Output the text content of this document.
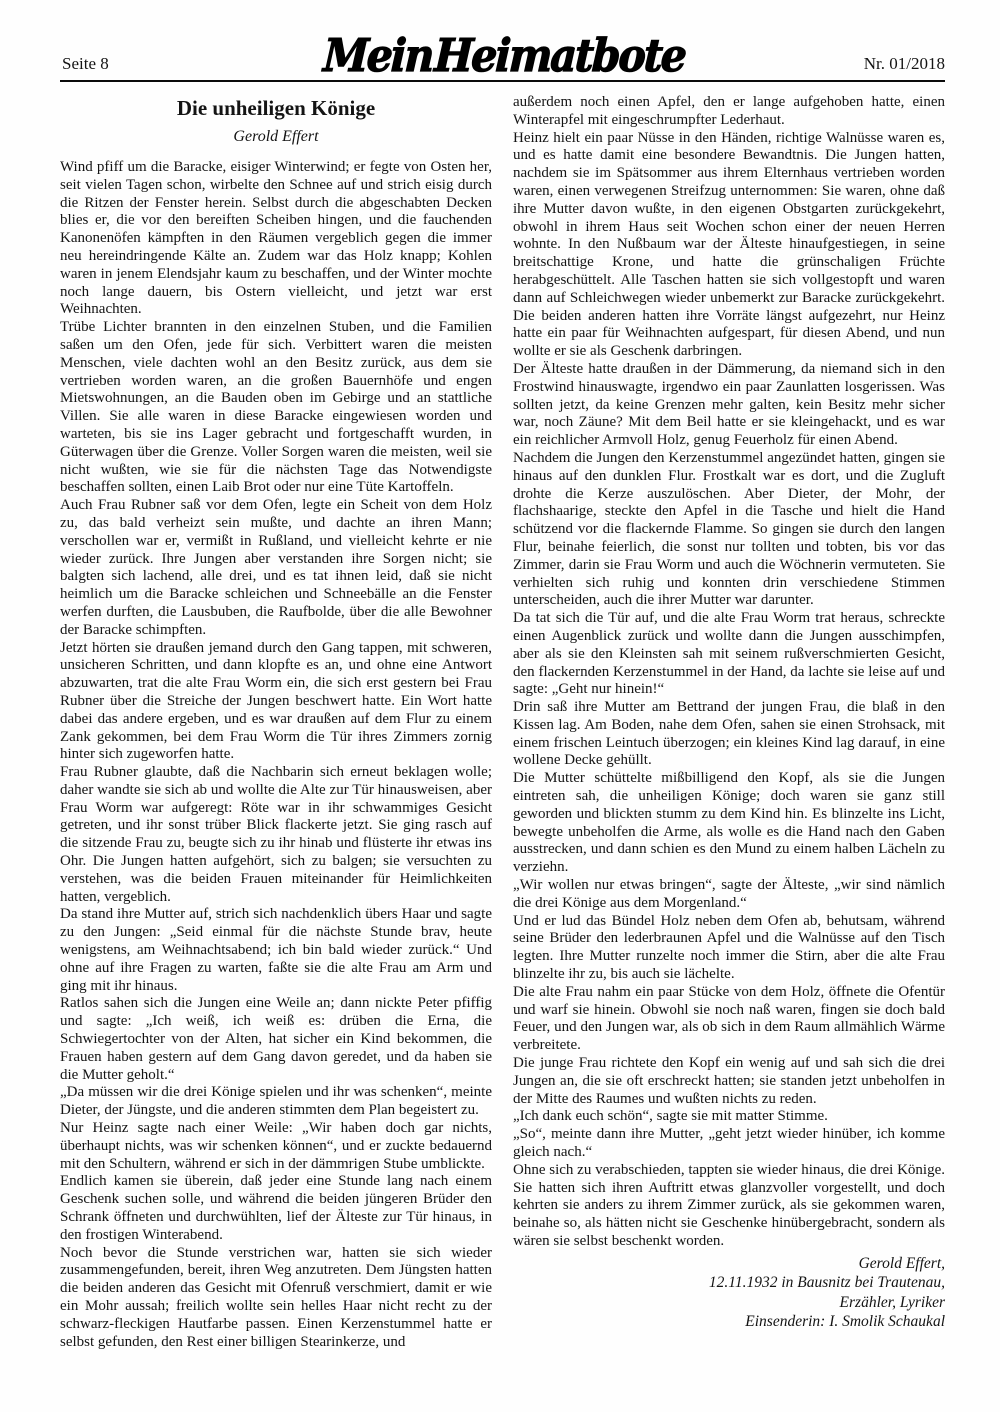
Seite 8	Mein Heimatbote	Nr. 01/2018
Die unheiligen Könige
Gerold Effert

Wind pfiff um die Baracke, eisiger Winterwind; er fegte von Osten her, seit vielen Tagen schon, wirbelte den Schnee auf und strich eisig durch die Ritzen der Fenster herein. Selbst durch die abgeschabten Decken blies er, die vor den bereiften Scheiben hingen, und die fauchenden Kanonenöfen kämpften in den Räumen vergeblich gegen die immer neu hereindringende Kälte an. Zudem war das Holz knapp; Kohlen waren in jenem Elendsjahr kaum zu beschaffen, und der Winter mochte noch lange dauern, bis Ostern vielleicht, und jetzt war erst Weihnachten.

Trübe Lichter brannten in den einzelnen Stuben, und die Familien saßen um den Ofen, jede für sich. Verbittert waren die meisten Menschen, viele dachten wohl an den Besitz zurück, aus dem sie vertrieben worden waren, an die großen Bauernhöfe und engen Mietswohnungen, an die Bauden oben im Gebirge und an stattliche Villen. Sie alle waren in diese Baracke eingewiesen worden und warteten, bis sie ins Lager gebracht und fortgeschafft wurden, in Güterwagen über die Grenze. Voller Sorgen waren die meisten, weil sie nicht wußten, wie sie für die nächsten Tage das Notwendigste beschaffen sollten, einen Laib Brot oder nur eine Tüte Kartoffeln.

Auch Frau Rubner saß vor dem Ofen, legte ein Scheit von dem Holz zu, das bald verheizt sein mußte, und dachte an ihren Mann; verschollen war er, vermißt in Rußland, und vielleicht kehrte er nie wieder zurück. Ihre Jungen aber verstanden ihre Sorgen nicht; sie balgten sich lachend, alle drei, und es tat ihnen leid, daß sie nicht heimlich um die Baracke schleichen und Schneebälle an die Fenster werfen durften, die Lausbuben, die Raufbolde, über die alle Bewohner der Baracke schimpften.

Jetzt hörten sie draußen jemand durch den Gang tappen, mit schweren, unsicheren Schritten, und dann klopfte es an, und ohne eine Antwort abzuwarten, trat die alte Frau Worm ein, die sich erst gestern bei Frau Rubner über die Streiche der Jungen beschwert hatte. Ein Wort hatte dabei das andere ergeben, und es war draußen auf dem Flur zu einem Zank gekommen, bei dem Frau Worm die Tür ihres Zimmers zornig hinter sich zugeworfen hatte.

Frau Rubner glaubte, daß die Nachbarin sich erneut beklagen wolle; daher wandte sie sich ab und wollte die Alte zur Tür hinausweisen, aber Frau Worm war aufgeregt: Röte war in ihr schwammiges Gesicht getreten, und ihr sonst trüber Blick flackerte jetzt. Sie ging rasch auf die sitzende Frau zu, beugte sich zu ihr hinab und flüsterte ihr etwas ins Ohr. Die Jungen hatten aufgehört, sich zu balgen; sie versuchten zu verstehen, was die beiden Frauen miteinander für Heimlichkeiten hatten, vergeblich.

Da stand ihre Mutter auf, strich sich nachdenklich übers Haar und sagte zu den Jungen: „Seid einmal für die nächste Stunde brav, heute wenigstens, am Weihnachtsabend; ich bin bald wieder zurück.“ Und ohne auf ihre Fragen zu warten, faßte sie die alte Frau am Arm und ging mit ihr hinaus.

Ratlos sahen sich die Jungen eine Weile an; dann nickte Peter pfiffig und sagte: „Ich weiß, ich weiß es: drüben die Erna, die Schwiegertochter von der Alten, hat sicher ein Kind bekommen, die Frauen haben gestern auf dem Gang davon geredet, und da haben sie die Mutter geholt.“

„Da müssen wir die drei Könige spielen und ihr was schenken“, meinte Dieter, der Jüngste, und die anderen stimmten dem Plan begeistert zu.

Nur Heinz sagte nach einer Weile: „Wir haben doch gar nichts, überhaupt nichts, was wir schenken können“, und er zuckte bedauernd mit den Schultern, während er sich in der dämmrigen Stube umblickte.

Endlich kamen sie überein, daß jeder eine Stunde lang nach einem Geschenk suchen solle, und während die beiden jüngeren Brüder den Schrank öffneten und durchwühlten, lief der Älteste zur Tür hinaus, in den frostigen Winterabend.

Noch bevor die Stunde verstrichen war, hatten sie sich wieder zusammengefunden, bereit, ihren Weg anzutreten. Dem Jüngsten hatten die beiden anderen das Gesicht mit Ofenruß verschmiert, damit er wie ein Mohr aussah; freilich wollte sein helles Haar nicht recht zu der schwarz-fleckigen Hautfarbe passen. Einen Kerzenstummel hatte er selbst gefunden, den Rest einer billigen Stearinkerze, und

außerdem noch einen Apfel, den er lange aufgehoben hatte, einen Winterapfel mit eingeschrumpfter Lederhaut.

Heinz hielt ein paar Nüsse in den Händen, richtige Walnüsse waren es, und es hatte damit eine besondere Bewandtnis. Die Jungen hatten, nachdem sie im Spätsommer aus ihrem Elternhaus vertrieben worden waren, einen verwegenen Streifzug unternommen: Sie waren, ohne daß ihre Mutter davon wußte, in den eigenen Obstgarten zurückgekehrt, obwohl in ihrem Haus seit Wochen schon einer der neuen Herren wohnte. In den Nußbaum war der Älteste hinaufgestiegen, in seine breitschattige Krone, und hatte die grünschaligen Früchte herabgeschüttelt. Alle Taschen hatten sie sich vollgestopft und waren dann auf Schleichwegen wieder unbemerkt zur Baracke zurückgekehrt. Die beiden anderen hatten ihre Vorräte längst aufgezehrt, nur Heinz hatte ein paar für Weihnachten aufgespart, für diesen Abend, und nun wollte er sie als Geschenk darbringen.

Der Älteste hatte draußen in der Dämmerung, da niemand sich in den Frostwind hinauswagte, irgendwo ein paar Zaunlatten losgerissen. Was sollten jetzt, da keine Grenzen mehr galten, kein Besitz mehr sicher war, noch Zäune? Mit dem Beil hatte er sie kleingehackt, und es war ein reichlicher Armvoll Holz, genug Feuerholz für einen Abend.

Nachdem die Jungen den Kerzenstummel angezündet hatten, gingen sie hinaus auf den dunklen Flur. Frostkalt war es dort, und die Zugluft drohte die Kerze auszulöschen. Aber Dieter, der Mohr, der flachshaarige, steckte den Apfel in die Tasche und hielt die Hand schützend vor die flackernde Flamme. So gingen sie durch den langen Flur, beinahe feierlich, die sonst nur tollten und tobten, bis vor das Zimmer, darin sie Frau Worm und auch die Wöchnerin vermuteten. Sie verhielten sich ruhig und konnten drin verschiedene Stimmen unterscheiden, auch die ihrer Mutter war darunter.

Da tat sich die Tür auf, und die alte Frau Worm trat heraus, schreckte einen Augenblick zurück und wollte dann die Jungen ausschimpfen, aber als sie den Kleinsten sah mit seinem rußverschmierten Gesicht, den flackernden Kerzenstummel in der Hand, da lachte sie leise auf und sagte: „Geht nur hinein!“

Drin saß ihre Mutter am Bettrand der jungen Frau, die blaß in den Kissen lag. Am Boden, nahe dem Ofen, sahen sie einen Strohsack, mit einem frischen Leintuch überzogen; ein kleines Kind lag darauf, in eine wollene Decke gehüllt.

Die Mutter schüttelte mißbilligend den Kopf, als sie die Jungen eintreten sah, die unheiligen Könige; doch waren sie ganz still geworden und blickten stumm zu dem Kind hin. Es blinzelte ins Licht, bewegte unbeholfen die Arme, als wolle es die Hand nach den Gaben ausstrecken, und dann schien es den Mund zu einem halben Lächeln zu verziehn.

„Wir wollen nur etwas bringen“, sagte der Älteste, „wir sind nämlich die drei Könige aus dem Morgenland.“

Und er lud das Bündel Holz neben dem Ofen ab, behutsam, während seine Brüder den lederbraunen Apfel und die Walnüsse auf den Tisch legten. Ihre Mutter runzelte noch immer die Stirn, aber die alte Frau blinzelte ihr zu, bis auch sie lächelte.

Die alte Frau nahm ein paar Stücke von dem Holz, öffnete die Ofentür und warf sie hinein. Obwohl sie noch naß waren, fingen sie doch bald Feuer, und den Jungen war, als ob sich in dem Raum allmählich Wärme verbreitete.

Die junge Frau richtete den Kopf ein wenig auf und sah sich die drei Jungen an, die sie oft erschreckt hatten; sie standen jetzt unbeholfen in der Mitte des Raumes und wußten nichts zu reden.

„Ich dank euch schön“, sagte sie mit matter Stimme.

„So“, meinte dann ihre Mutter, „geht jetzt wieder hinüber, ich komme gleich nach.“

Ohne sich zu verabschieden, tappten sie wieder hinaus, die drei Könige. Sie hatten sich ihren Auftritt etwas glanzvoller vorgestellt, und doch kehrten sie anders zu ihrem Zimmer zurück, als sie gekommen waren, beinahe so, als hätten nicht sie Geschenke hinübergebracht, sondern als wären sie selbst beschenkt worden.

Gerold Effert,
12.11.1932 in Bausnitz bei Trautenau,
Erzähler, Lyriker
Einsenderin: I. Smolik Schaukal
